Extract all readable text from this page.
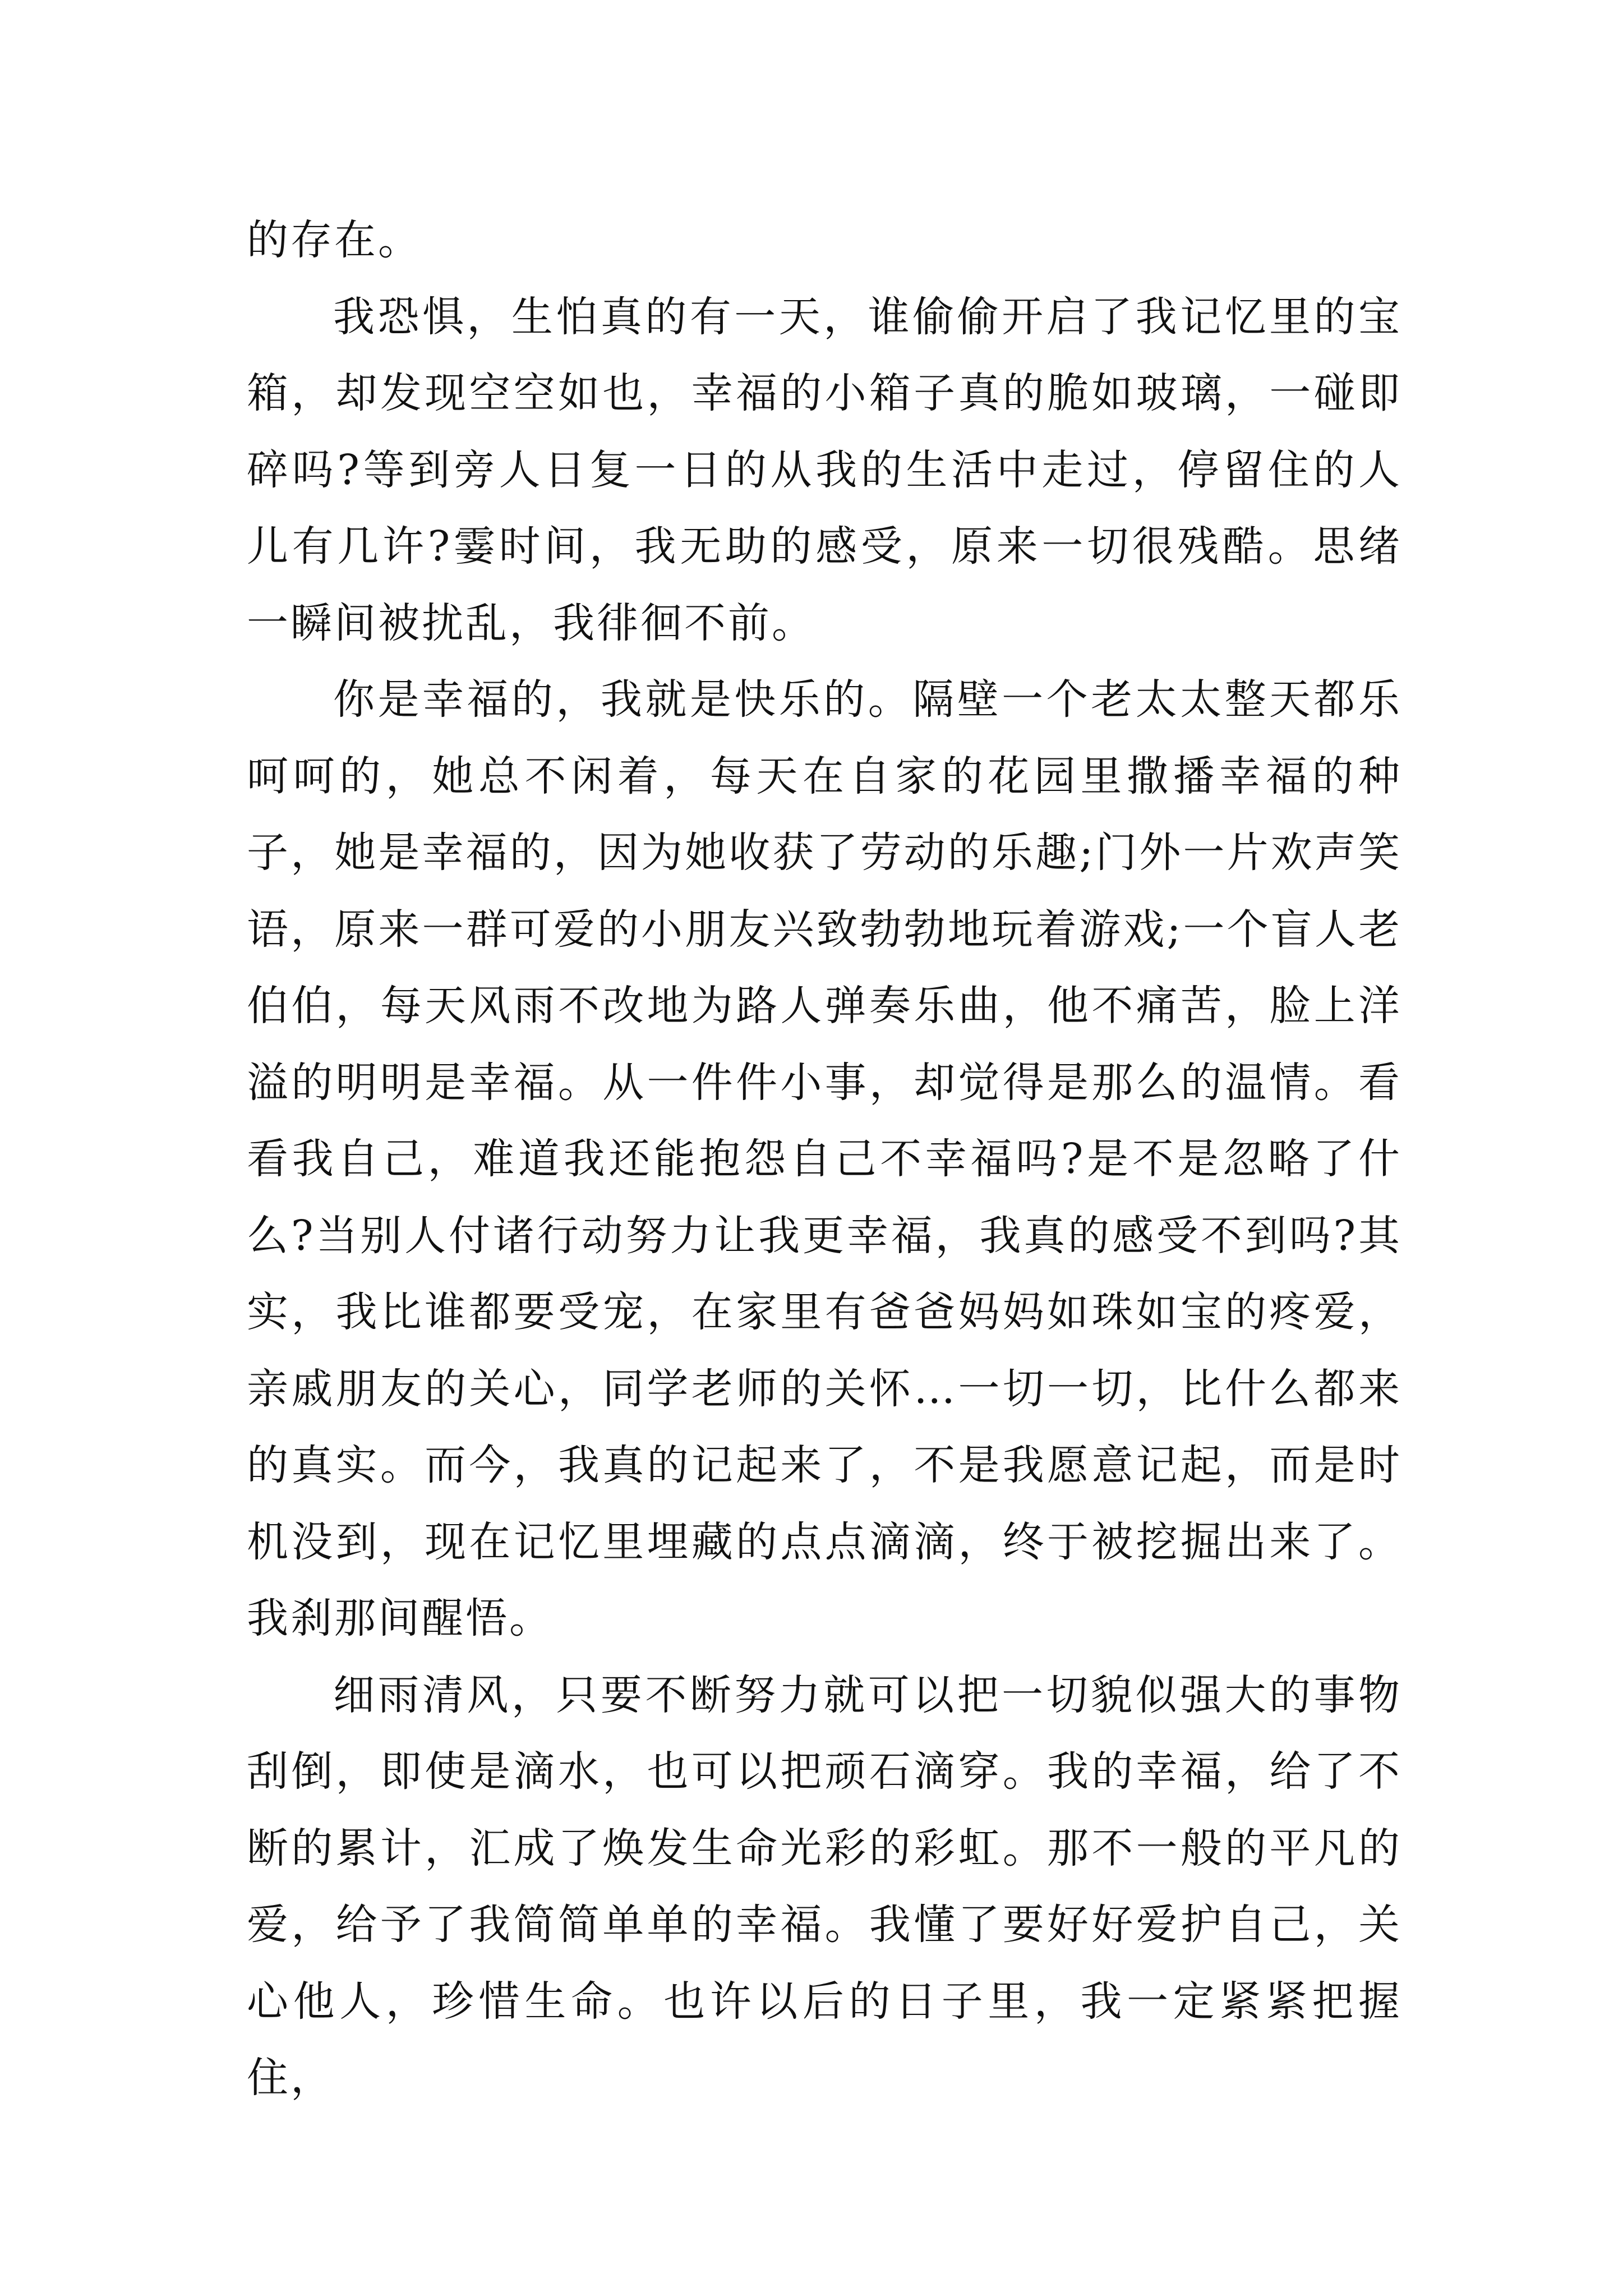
的存在。

我恐惧，生怕真的有一天，谁偷偷开启了我记忆里的宝箱，却发现空空如也，幸福的小箱子真的脆如玻璃，一碰即碎吗?等到旁人日复一日的从我的生活中走过，停留住的人儿有几许?霎时间，我无助的感受，原来一切很残酷。思绪一瞬间被扰乱，我徘徊不前。

你是幸福的，我就是快乐的。隔壁一个老太太整天都乐呵呵的，她总不闲着，每天在自家的花园里撒播幸福的种子，她是幸福的，因为她收获了劳动的乐趣;门外一片欢声笑语，原来一群可爱的小朋友兴致勃勃地玩着游戏;一个盲人老伯伯，每天风雨不改地为路人弹奏乐曲，他不痛苦，脸上洋溢的明明是幸福。从一件件小事，却觉得是那么的温情。看看我自己，难道我还能抱怨自己不幸福吗?是不是忽略了什么?当别人付诸行动努力让我更幸福，我真的感受不到吗?其实，我比谁都要受宠，在家里有爸爸妈妈如珠如宝的疼爱，亲戚朋友的关心，同学老师的关怀…一切一切，比什么都来的真实。而今，我真的记起来了，不是我愿意记起，而是时机没到，现在记忆里埋藏的点点滴滴，终于被挖掘出来了。我刹那间醒悟。

细雨清风，只要不断努力就可以把一切貌似强大的事物刮倒，即使是滴水，也可以把顽石滴穿。我的幸福，给了不断的累计，汇成了焕发生命光彩的彩虹。那不一般的平凡的爱，给予了我简简单单的幸福。我懂了要好好爱护自己，关心他人，珍惜生命。也许以后的日子里，我一定紧紧把握住，
